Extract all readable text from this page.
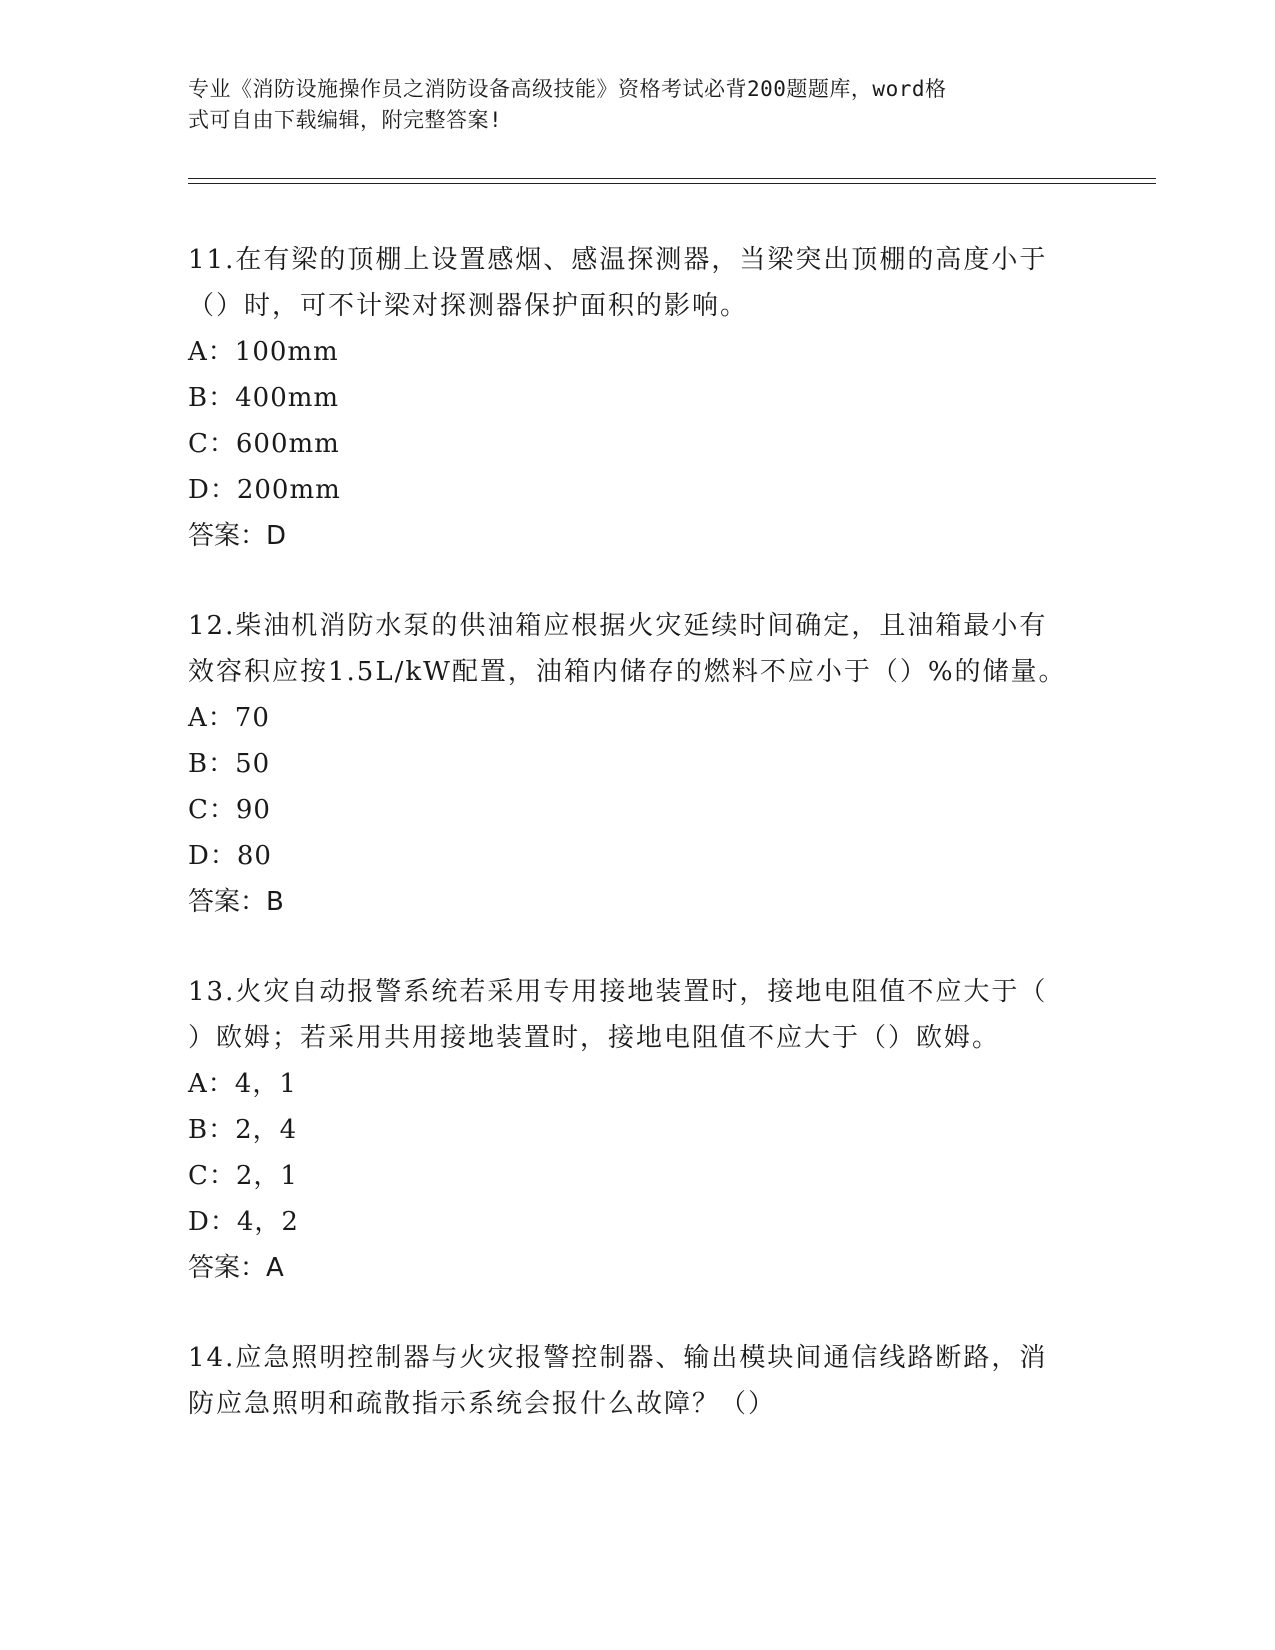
专业《消防设施操作员之消防设备高级技能》资格考试必背200题题库，word格
式可自由下载编辑，附完整答案!

11.在有梁的顶棚上设置感烟、感温探测器，当梁突出顶棚的高度小于

（）时，可不计梁对探测器保护面积的影响。

A：100mm

B：400mm

C：600mm

D：200mm

答案：D

12.柴油机消防水泵的供油箱应根据火灾延续时间确定，且油箱最小有

效容积应按1.5L/kW配置，油箱内储存的燃料不应小于（）%的储量。

A：70

B：50

C：90

D：80

答案：B

13.火灾自动报警系统若采用专用接地装置时，接地电阻值不应大于（

）欧姆；若采用共用接地装置时，接地电阻值不应大于（）欧姆。

A：4，1

B：2，4

C：2，1

D：4，2

答案：A

14.应急照明控制器与火灾报警控制器、输出模块间通信线路断路，消

防应急照明和疏散指示系统会报什么故障？（）
